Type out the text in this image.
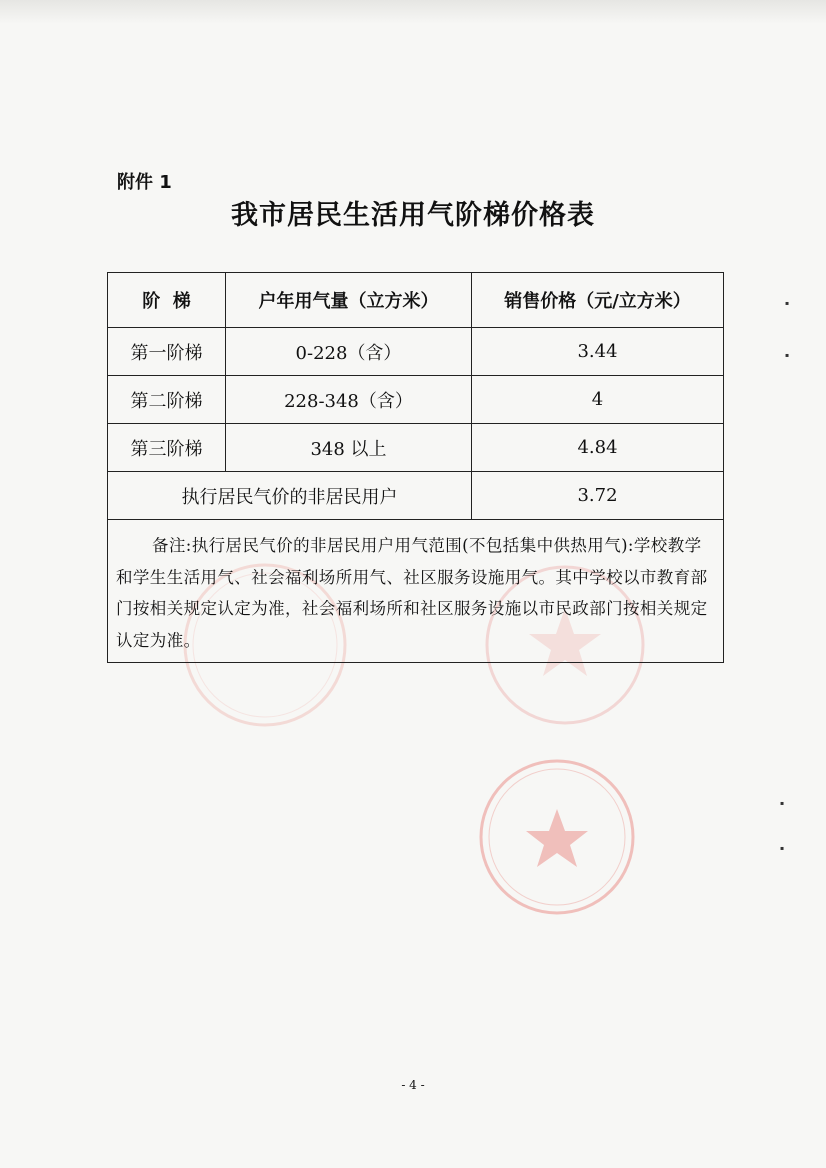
▪
▪
▪
▪
附件 1
我市居民生活用气阶梯价格表
阶  梯	户年用气量（立方米）	销售价格（元/立方米）
第一阶梯	0-228（含）	3.44
第二阶梯	228-348（含）	4
第三阶梯	348 以上	4.84
执行居民气价的非居民用户		3.72
备注:执行居民气价的非居民用户用气范围(不包括集中供热用气):学校教学和学生生活用气、社会福利场所用气、社区服务设施用气。其中学校以市教育部门按相关规定认定为准，社会福利场所和社区服务设施以市民政部门按相关规定认定为准。		
- 4 -
